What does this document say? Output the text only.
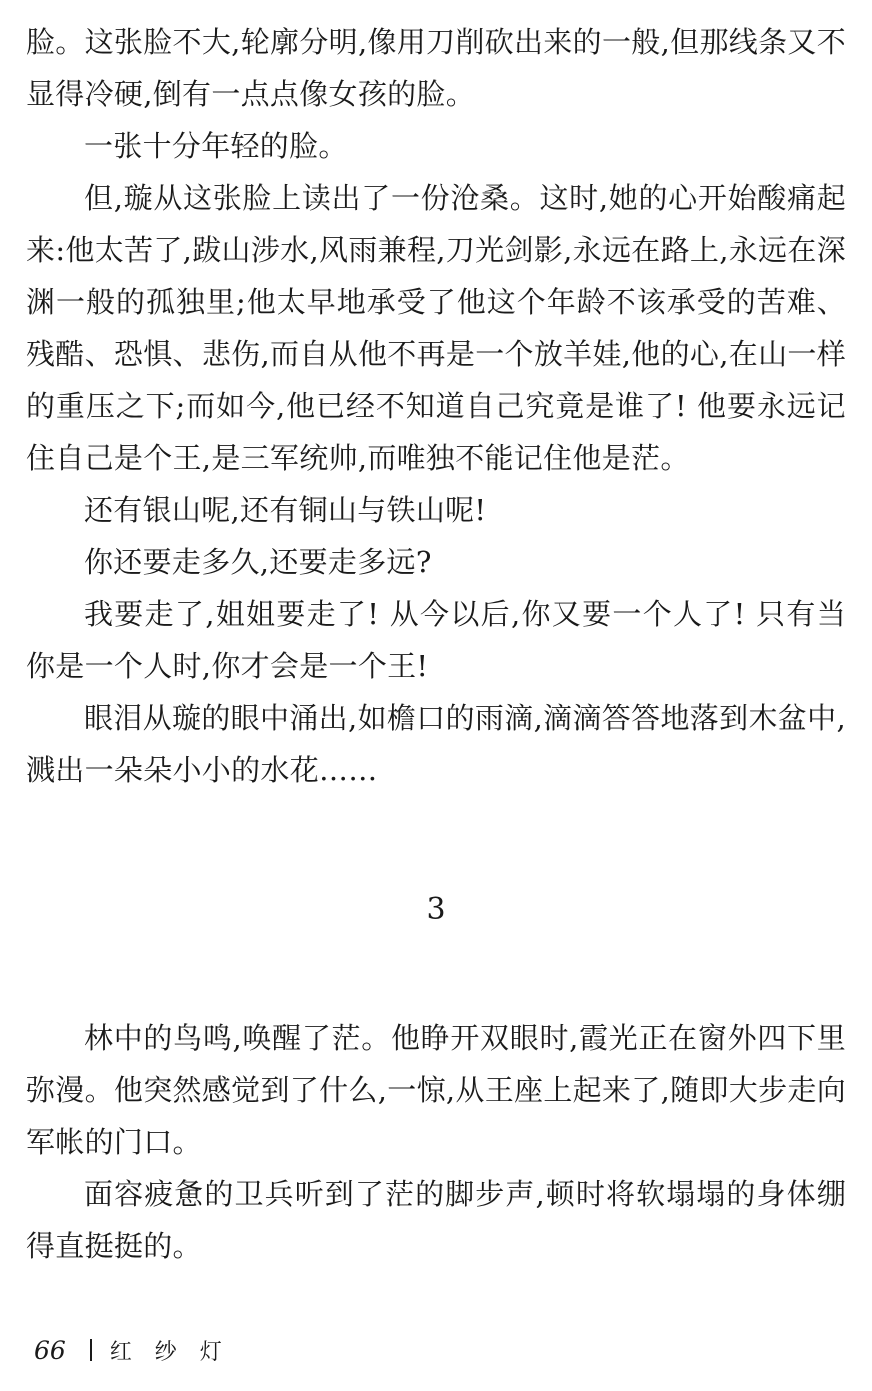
脸。这张脸不大,轮廓分明,像用刀削砍出来的一般,但那线条又不显得冷硬,倒有一点点像女孩的脸。

一张十分年轻的脸。

但,璇从这张脸上读出了一份沧桑。这时,她的心开始酸痛起来:他太苦了,跋山涉水,风雨兼程,刀光剑影,永远在路上,永远在深渊一般的孤独里;他太早地承受了他这个年龄不该承受的苦难、残酷、恐惧、悲伤,而自从他不再是一个放羊娃,他的心,在山一样的重压之下;而如今,他已经不知道自己究竟是谁了! 他要永远记住自己是个王,是三军统帅,而唯独不能记住他是茫。

还有银山呢,还有铜山与铁山呢!

你还要走多久,还要走多远?

我要走了,姐姐要走了! 从今以后,你又要一个人了! 只有当你是一个人时,你才会是一个王!

眼泪从璇的眼中涌出,如檐口的雨滴,滴滴答答地落到木盆中,溅出一朵朵小小的水花……

3

林中的鸟鸣,唤醒了茫。他睁开双眼时,霞光正在窗外四下里弥漫。他突然感觉到了什么,一惊,从王座上起来了,随即大步走向军帐的门口。

面容疲惫的卫兵听到了茫的脚步声,顿时将软塌塌的身体绷得直挺挺的。

66 红 纱 灯
